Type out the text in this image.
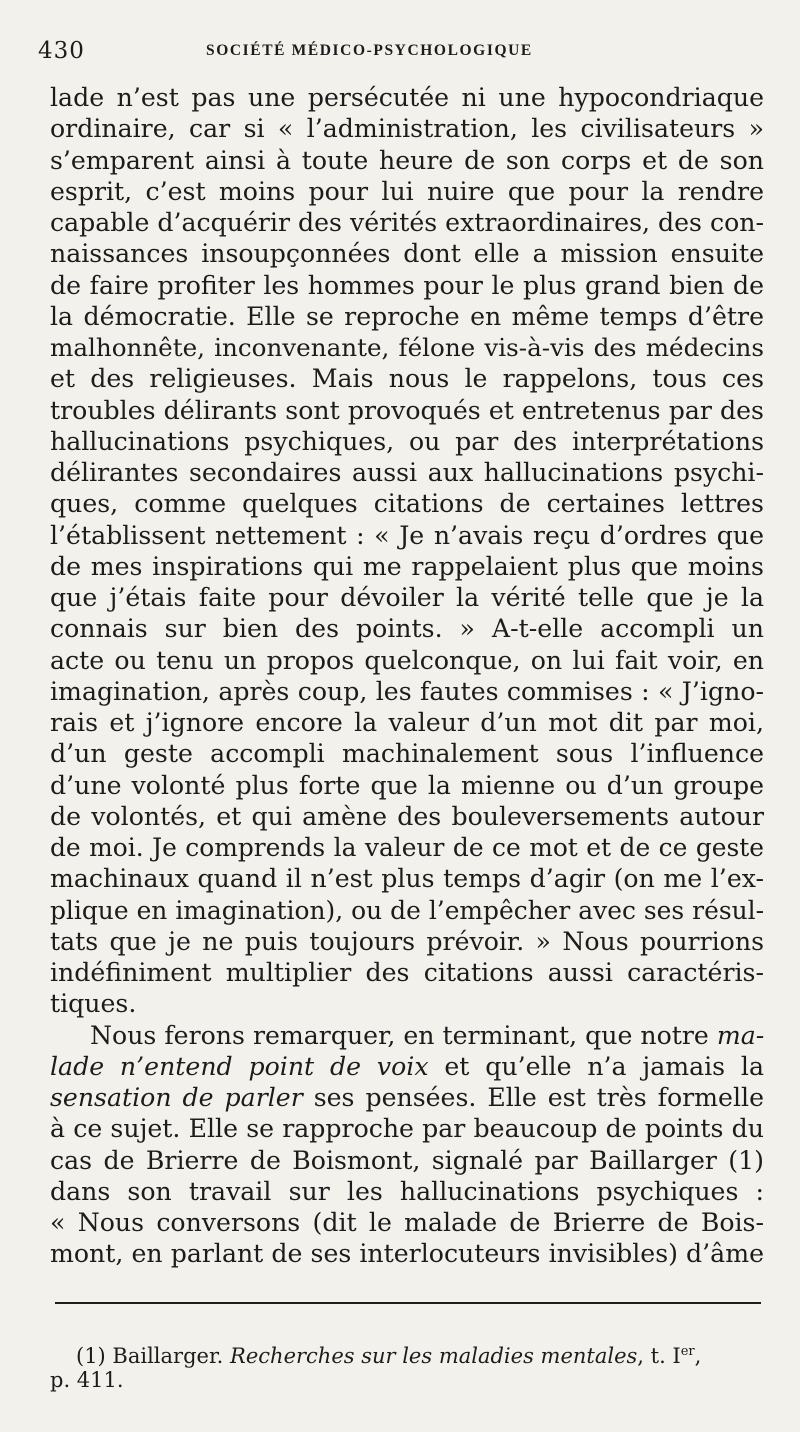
430	SOCIÉTÉ MÉDICO-PSYCHOLOGIQUE
lade n’est pas une persécutée ni une hypocondriaque
ordinaire, car si « l’administration, les civilisateurs »
s’emparent ainsi à toute heure de son corps et de son
esprit, c’est moins pour lui nuire que pour la rendre
capable d’acquérir des vérités extraordinaires, des con-
naissances insoupçonnées dont elle a mission ensuite
de faire profiter les hommes pour le plus grand bien de
la démocratie. Elle se reproche en même temps d’être
malhonnête, inconvenante, félone vis-à-vis des médecins
et des religieuses. Mais nous le rappelons, tous ces
troubles délirants sont provoqués et entretenus par des
hallucinations psychiques, ou par des interprétations
délirantes secondaires aussi aux hallucinations psychi-
ques, comme quelques citations de certaines lettres
l’établissent nettement : « Je n’avais reçu d’ordres que
de mes inspirations qui me rappelaient plus que moins
que j’étais faite pour dévoiler la vérité telle que je la
connais sur bien des points. » A-t-elle accompli un
acte ou tenu un propos quelconque, on lui fait voir, en
imagination, après coup, les fautes commises : « J’igno-
rais et j’ignore encore la valeur d’un mot dit par moi,
d’un geste accompli machinalement sous l’influence
d’une volonté plus forte que la mienne ou d’un groupe
de volontés, et qui amène des bouleversements autour
de moi. Je comprends la valeur de ce mot et de ce geste
machinaux quand il n’est plus temps d’agir (on me l’ex-
plique en imagination), ou de l’empêcher avec ses résul-
tats que je ne puis toujours prévoir. » Nous pourrions
indéfiniment multiplier des citations aussi caractéris-
tiques.
Nous ferons remarquer, en terminant, que notre ma-
lade n’entend point de voix et qu’elle n’a jamais la
sensation de parler ses pensées. Elle est très formelle
à ce sujet. Elle se rapproche par beaucoup de points du
cas de Brierre de Boismont, signalé par Baillarger (1)
dans son travail sur les hallucinations psychiques :
« Nous conversons (dit le malade de Brierre de Bois-
mont, en parlant de ses interlocuteurs invisibles) d’âme
(1) Baillarger. Recherches sur les maladies mentales, t. Ier,
p. 411.
